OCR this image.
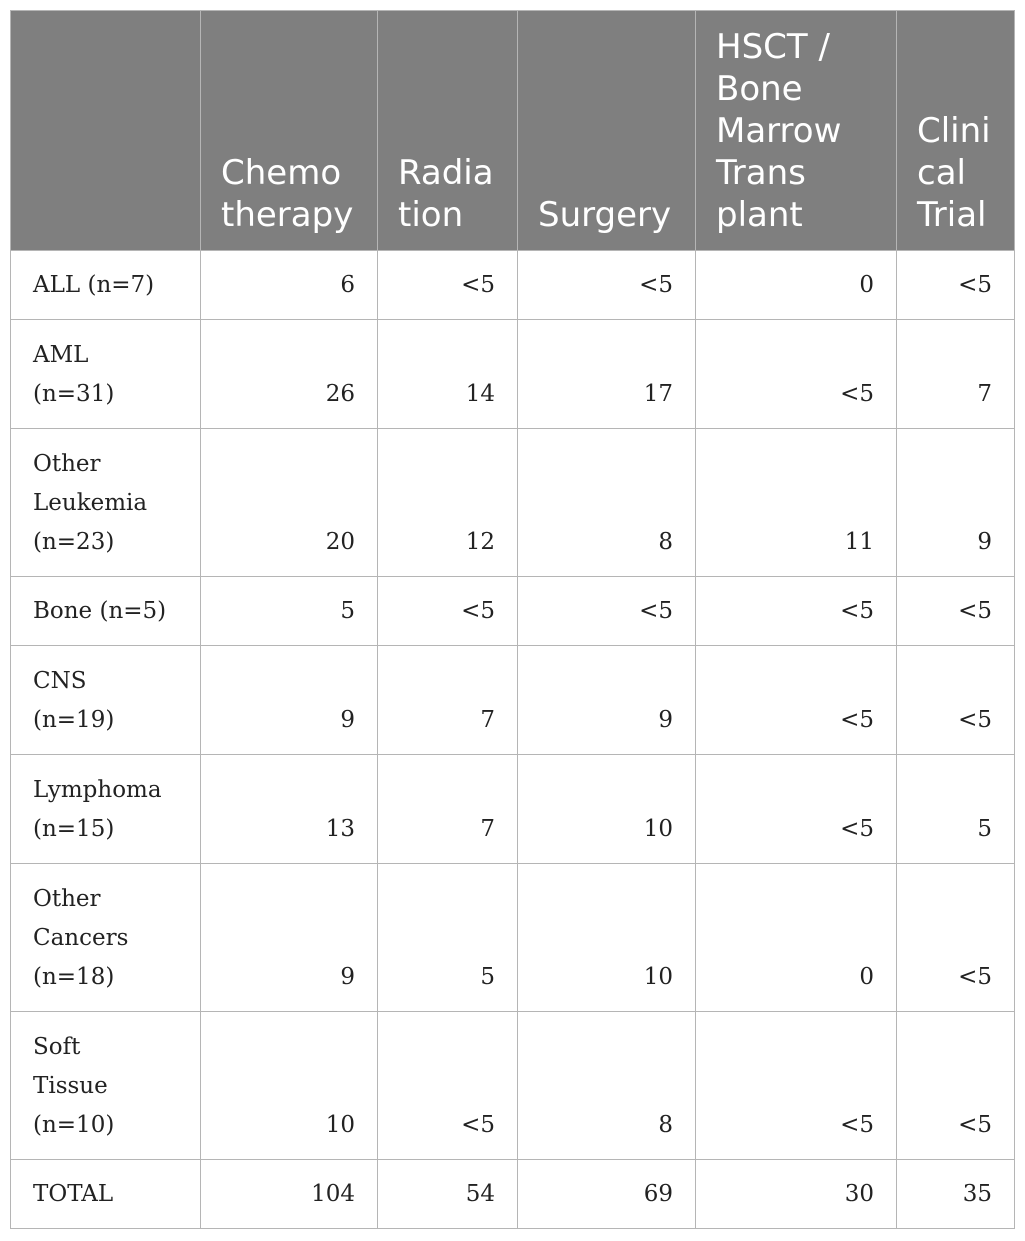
	Chemo
therapy	Radia
tion	Surgery	HSCT /
Bone
Marrow
Trans
plant	Clini
cal
Trial
ALL (n=7)	6	<5	<5	0	<5
AML
(n=31)	26	14	17	<5	7
Other
Leukemia
(n=23)	20	12	8	11	9
Bone (n=5)	5	<5	<5	<5	<5
CNS
(n=19)	9	7	9	<5	<5
Lymphoma
(n=15)	13	7	10	<5	5
Other
Cancers
(n=18)	9	5	10	0	<5
Soft
Tissue
(n=10)	10	<5	8	<5	<5
TOTAL	104	54	69	30	35
